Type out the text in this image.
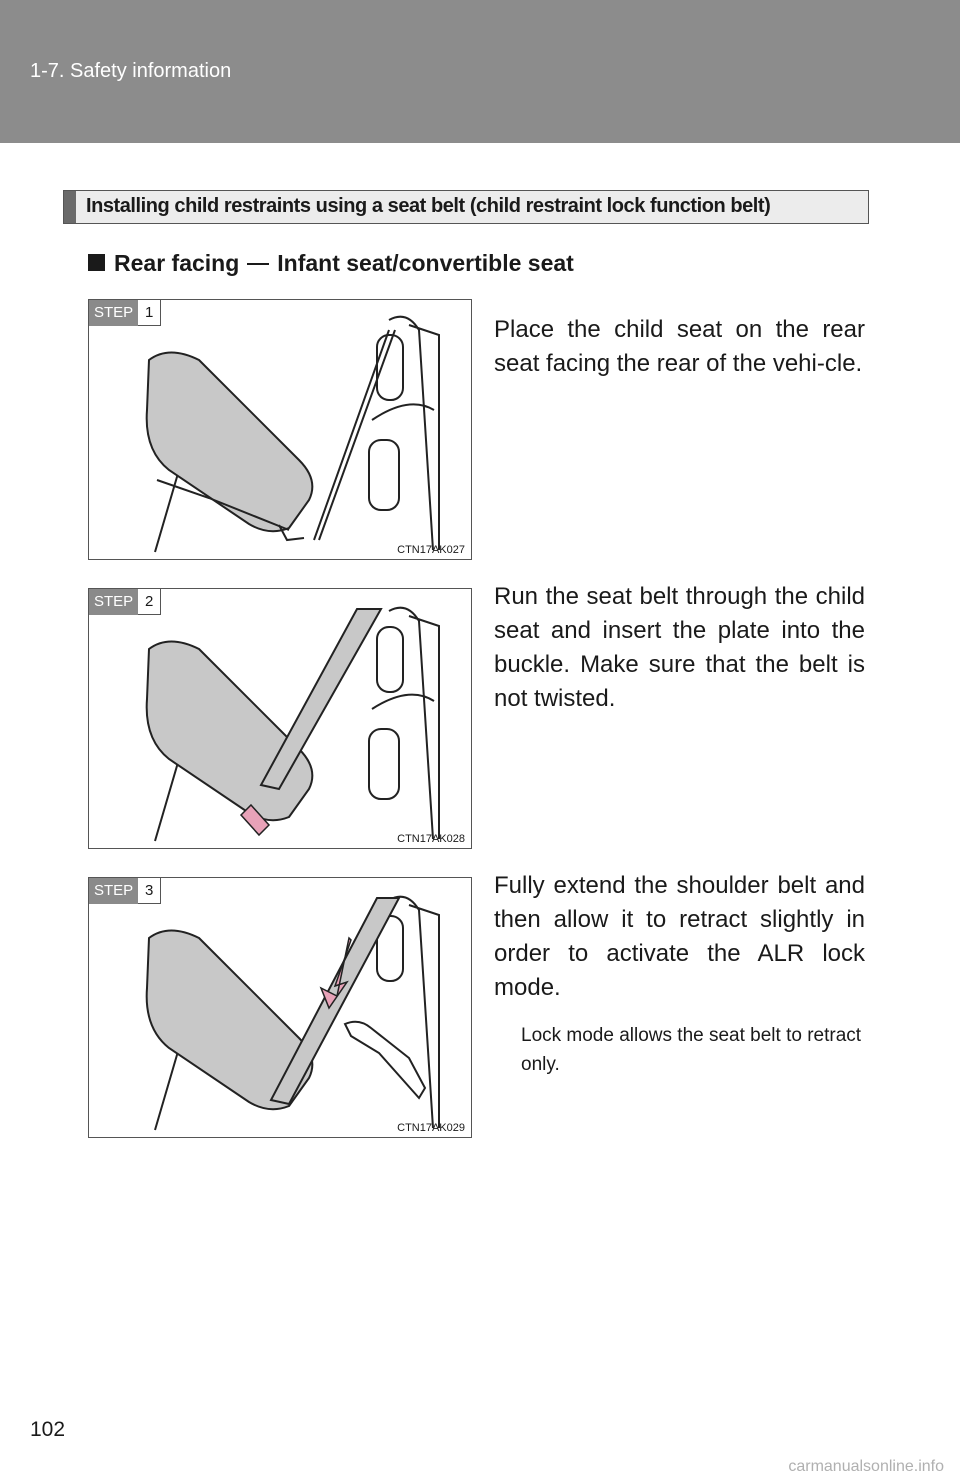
1-7. Safety information
Installing child restraints using a seat belt (child restraint lock function belt)
Rear facing Infant seat/convertible seat
STEP 1
CTN17AK027
Place the child seat on the rear seat facing the rear of the vehi-cle.
STEP 2
CTN17AK028
Run the seat belt through the child seat and insert the plate into the buckle. Make sure that the belt is not twisted.
STEP 3
CTN17AK029
Fully extend the shoulder belt and then allow it to retract slightly in order to activate the ALR lock mode.
Lock mode allows the seat belt to retract only.
102
carmanualsonline.info
